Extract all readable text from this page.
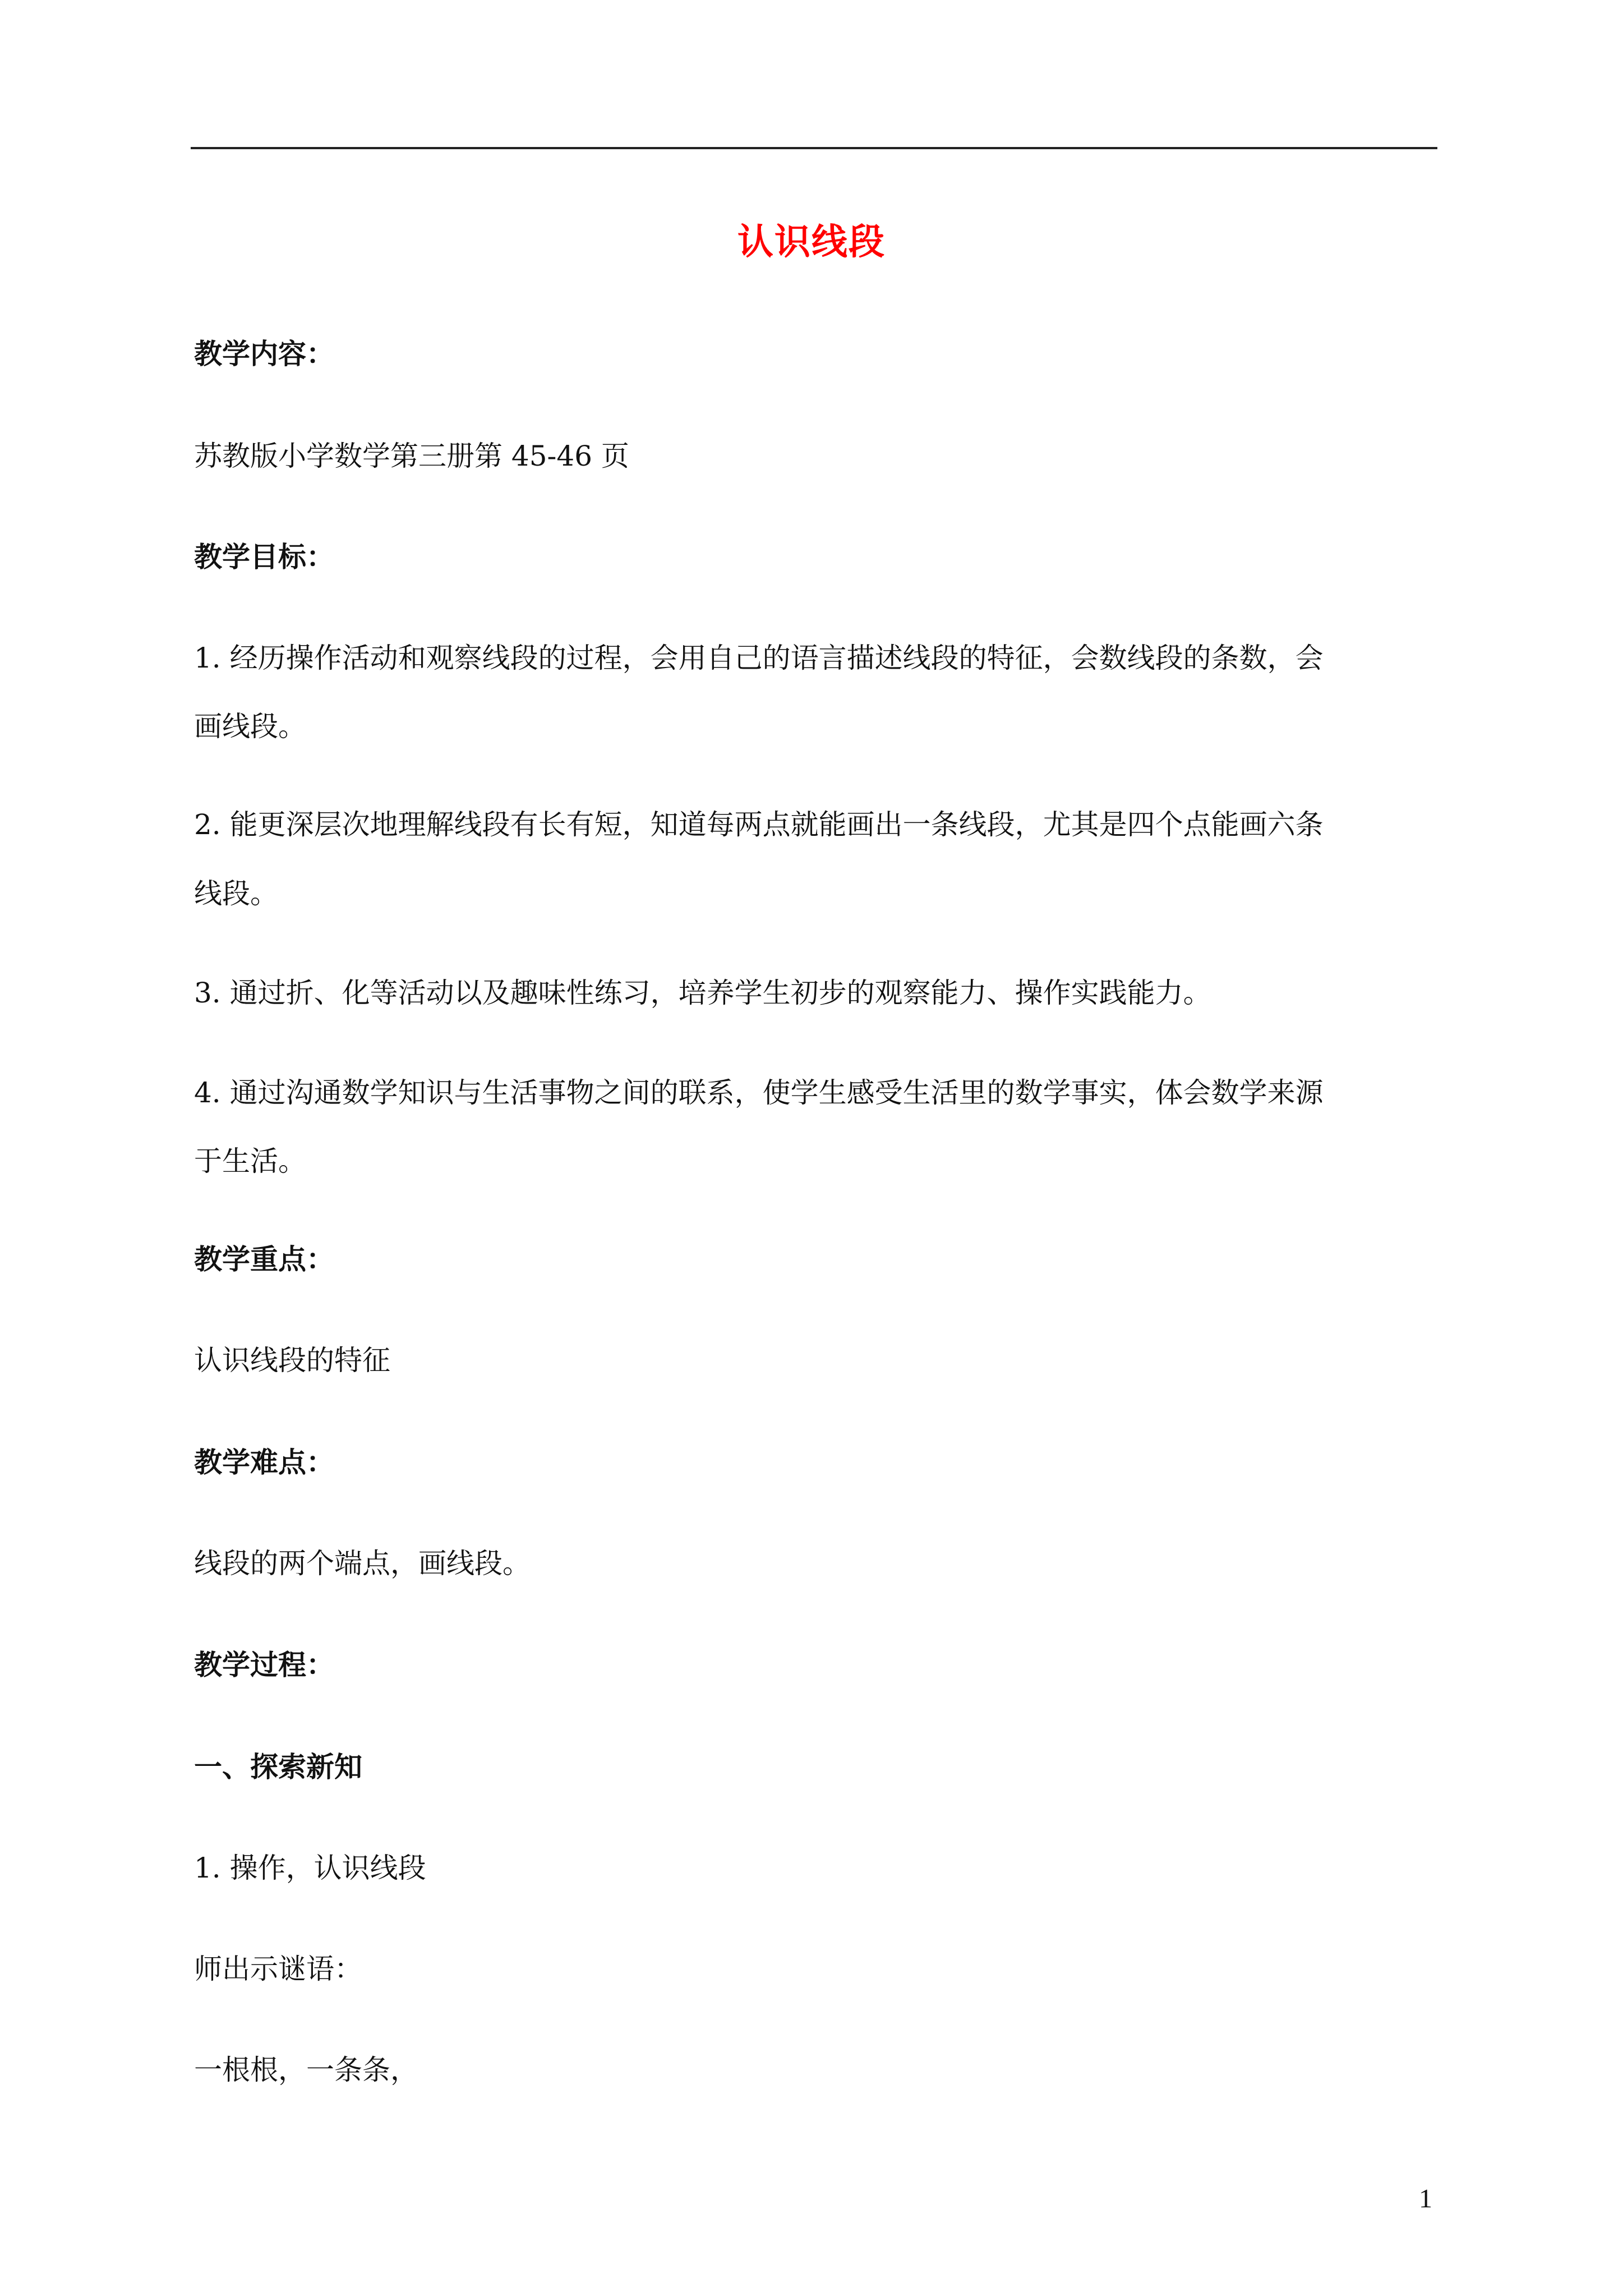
认识线段
教学内容：
苏教版小学数学第三册第 45-46 页
教学目标：
1. 经历操作活动和观察线段的过程，会用自己的语言描述线段的特征，会数线段的条数，会
画线段。
2. 能更深层次地理解线段有长有短，知道每两点就能画出一条线段，尤其是四个点能画六条
线段。
3. 通过折、化等活动以及趣味性练习，培养学生初步的观察能力、操作实践能力。
4. 通过沟通数学知识与生活事物之间的联系，使学生感受生活里的数学事实，体会数学来源
于生活。
教学重点：
认识线段的特征
教学难点：
线段的两个端点，画线段。
教学过程：
一、探索新知
1. 操作，认识线段
师出示谜语：
一根根，一条条，
1
